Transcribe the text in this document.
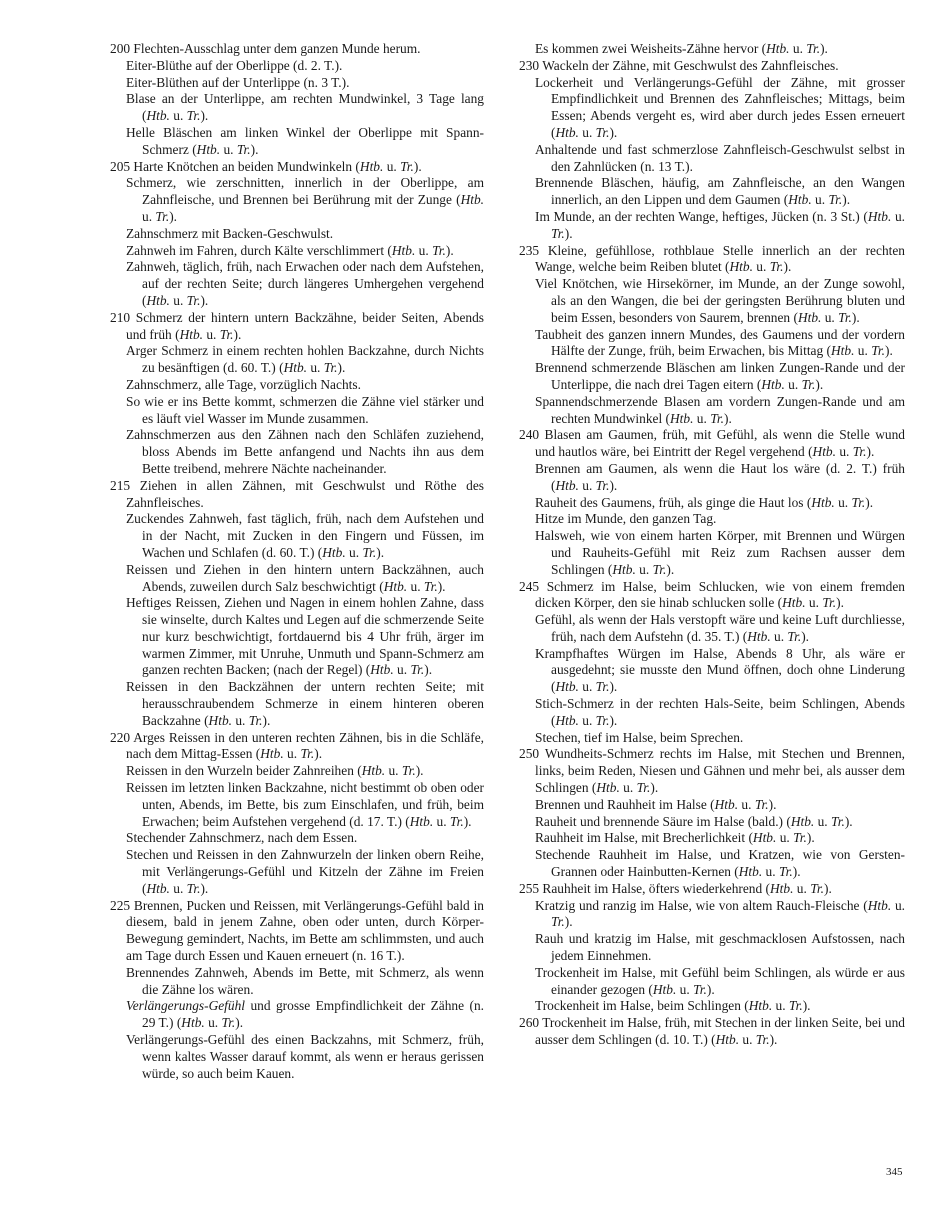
200 Flechten-Ausschlag unter dem ganzen Munde herum.
Eiter-Blüthe auf der Oberlippe (d. 2. T.).
Eiter-Blüthen auf der Unterlippe (n. 3 T.).
Blase an der Unterlippe, am rechten Mundwinkel, 3 Tage lang (Htb. u. Tr.).
Helle Bläschen am linken Winkel der Oberlippe mit Spann-Schmerz (Htb. u. Tr.).
205 Harte Knötchen an beiden Mundwinkeln (Htb. u. Tr.).
Schmerz, wie zerschnitten, innerlich in der Oberlippe, am Zahnfleische, und Brennen bei Berührung mit der Zunge (Htb. u. Tr.).
Zahnschmerz mit Backen-Geschwulst.
Zahnweh im Fahren, durch Kälte verschlimmert (Htb. u. Tr.).
Zahnweh, täglich, früh, nach Erwachen oder nach dem Aufstehen, auf der rechten Seite; durch längeres Umhergehen vergehend (Htb. u. Tr.).
210 Schmerz der hintern untern Backzähne, beider Seiten, Abends und früh (Htb. u. Tr.).
Arger Schmerz in einem rechten hohlen Backzahne, durch Nichts zu besänftigen (d. 60. T.) (Htb. u. Tr.).
Zahnschmerz, alle Tage, vorzüglich Nachts.
So wie er ins Bette kommt, schmerzen die Zähne viel stärker und es läuft viel Wasser im Munde zusammen.
Zahnschmerzen aus den Zähnen nach den Schläfen zuziehend, bloss Abends im Bette anfangend und Nachts ihn aus dem Bette treibend, mehrere Nächte nacheinander.
215 Ziehen in allen Zähnen, mit Geschwulst und Röthe des Zahnfleisches.
Zuckendes Zahnweh, fast täglich, früh, nach dem Aufstehen und in der Nacht, mit Zucken in den Fingern und Füssen, im Wachen und Schlafen (d. 60. T.) (Htb. u. Tr.).
Reissen und Ziehen in den hintern untern Backzähnen, auch Abends, zuweilen durch Salz beschwichtigt (Htb. u. Tr.).
Heftiges Reissen, Ziehen und Nagen in einem hohlen Zahne, dass sie winselte, durch Kaltes und Legen auf die schmerzende Seite nur kurz beschwichtigt, fortdauernd bis 4 Uhr früh, ärger im warmen Zimmer, mit Unruhe, Unmuth und Spann-Schmerz am ganzen rechten Backen; (nach der Regel) (Htb. u. Tr.).
Reissen in den Backzähnen der untern rechten Seite; mit herausschraubendem Schmerze in einem hinteren oberen Backzahne (Htb. u. Tr.).
220 Arges Reissen in den unteren rechten Zähnen, bis in die Schläfe, nach dem Mittag-Essen (Htb. u. Tr.).
Reissen in den Wurzeln beider Zahnreihen (Htb. u. Tr.).
Reissen im letzten linken Backzahne, nicht bestimmt ob oben oder unten, Abends, im Bette, bis zum Einschlafen, und früh, beim Erwachen; beim Aufstehen vergehend (d. 17. T.) (Htb. u. Tr.).
Stechender Zahnschmerz, nach dem Essen.
Stechen und Reissen in den Zahnwurzeln der linken obern Reihe, mit Verlängerungs-Gefühl und Kitzeln der Zähne im Freien (Htb. u. Tr.).
225 Brennen, Pucken und Reissen, mit Verlängerungs-Gefühl bald in diesem, bald in jenem Zahne, oben oder unten, durch Körper-Bewegung gemindert, Nachts, im Bette am schlimmsten, und auch am Tage durch Essen und Kauen erneuert (n. 16 T.).
Brennendes Zahnweh, Abends im Bette, mit Schmerz, als wenn die Zähne los wären.
Verlängerungs-Gefühl und grosse Empfindlichkeit der Zähne (n. 29 T.) (Htb. u. Tr.).
Verlängerungs-Gefühl des einen Backzahns, mit Schmerz, früh, wenn kaltes Wasser darauf kommt, als wenn er heraus gerissen würde, so auch beim Kauen.
Es kommen zwei Weisheits-Zähne hervor (Htb. u. Tr.).
230 Wackeln der Zähne, mit Geschwulst des Zahnfleisches.
Lockerheit und Verlängerungs-Gefühl der Zähne, mit grosser Empfindlichkeit und Brennen des Zahnfleisches; Mittags, beim Essen; Abends vergeht es, wird aber durch jedes Essen erneuert (Htb. u. Tr.).
Anhaltende und fast schmerzlose Zahnfleisch-Geschwulst selbst in den Zahnlücken (n. 13 T.).
Brennende Bläschen, häufig, am Zahnfleische, an den Wangen innerlich, an den Lippen und dem Gaumen (Htb. u. Tr.).
Im Munde, an der rechten Wange, heftiges, Jücken (n. 3 St.) (Htb. u. Tr.).
235 Kleine, gefühllose, rothblaue Stelle innerlich an der rechten Wange, welche beim Reiben blutet (Htb. u. Tr.).
Viel Knötchen, wie Hirsekörner, im Munde, an der Zunge sowohl, als an den Wangen, die bei der geringsten Berührung bluten und beim Essen, besonders von Saurem, brennen (Htb. u. Tr.).
Taubheit des ganzen innern Mundes, des Gaumens und der vordern Hälfte der Zunge, früh, beim Erwachen, bis Mittag (Htb. u. Tr.).
Brennend schmerzende Bläschen am linken Zungen-Rande und der Unterlippe, die nach drei Tagen eitern (Htb. u. Tr.).
Spannendschmerzende Blasen am vordern Zungen-Rande und am rechten Mundwinkel (Htb. u. Tr.).
240 Blasen am Gaumen, früh, mit Gefühl, als wenn die Stelle wund und hautlos wäre, bei Eintritt der Regel vergehend (Htb. u. Tr.).
Brennen am Gaumen, als wenn die Haut los wäre (d. 2. T.) früh (Htb. u. Tr.).
Rauheit des Gaumens, früh, als ginge die Haut los (Htb. u. Tr.).
Hitze im Munde, den ganzen Tag.
Halsweh, wie von einem harten Körper, mit Brennen und Würgen und Rauheits-Gefühl mit Reiz zum Rachsen ausser dem Schlingen (Htb. u. Tr.).
245 Schmerz im Halse, beim Schlucken, wie von einem fremden dicken Körper, den sie hinab schlucken solle (Htb. u. Tr.).
Gefühl, als wenn der Hals verstopft wäre und keine Luft durchliesse, früh, nach dem Aufstehn (d. 35. T.) (Htb. u. Tr.).
Krampfhaftes Würgen im Halse, Abends 8 Uhr, als wäre er ausgedehnt; sie musste den Mund öffnen, doch ohne Linderung (Htb. u. Tr.).
Stich-Schmerz in der rechten Hals-Seite, beim Schlingen, Abends (Htb. u. Tr.).
Stechen, tief im Halse, beim Sprechen.
250 Wundheits-Schmerz rechts im Halse, mit Stechen und Brennen, links, beim Reden, Niesen und Gähnen und mehr bei, als ausser dem Schlingen (Htb. u. Tr.).
Brennen und Rauhheit im Halse (Htb. u. Tr.).
Rauheit und brennende Säure im Halse (bald.) (Htb. u. Tr.).
Rauhheit im Halse, mit Brecherlichkeit (Htb. u. Tr.).
Stechende Rauhheit im Halse, und Kratzen, wie von Gersten-Grannen oder Hainbutten-Kernen (Htb. u. Tr.).
255 Rauhheit im Halse, öfters wiederkehrend (Htb. u. Tr.).
Kratzig und ranzig im Halse, wie von altem Rauch-Fleische (Htb. u. Tr.).
Rauh und kratzig im Halse, mit geschmacklosen Aufstossen, nach jedem Einnehmen.
Trockenheit im Halse, mit Gefühl beim Schlingen, als würde er aus einander gezogen (Htb. u. Tr.).
Trockenheit im Halse, beim Schlingen (Htb. u. Tr.).
260 Trockenheit im Halse, früh, mit Stechen in der linken Seite, bei und ausser dem Schlingen (d. 10. T.) (Htb. u. Tr.).
345
